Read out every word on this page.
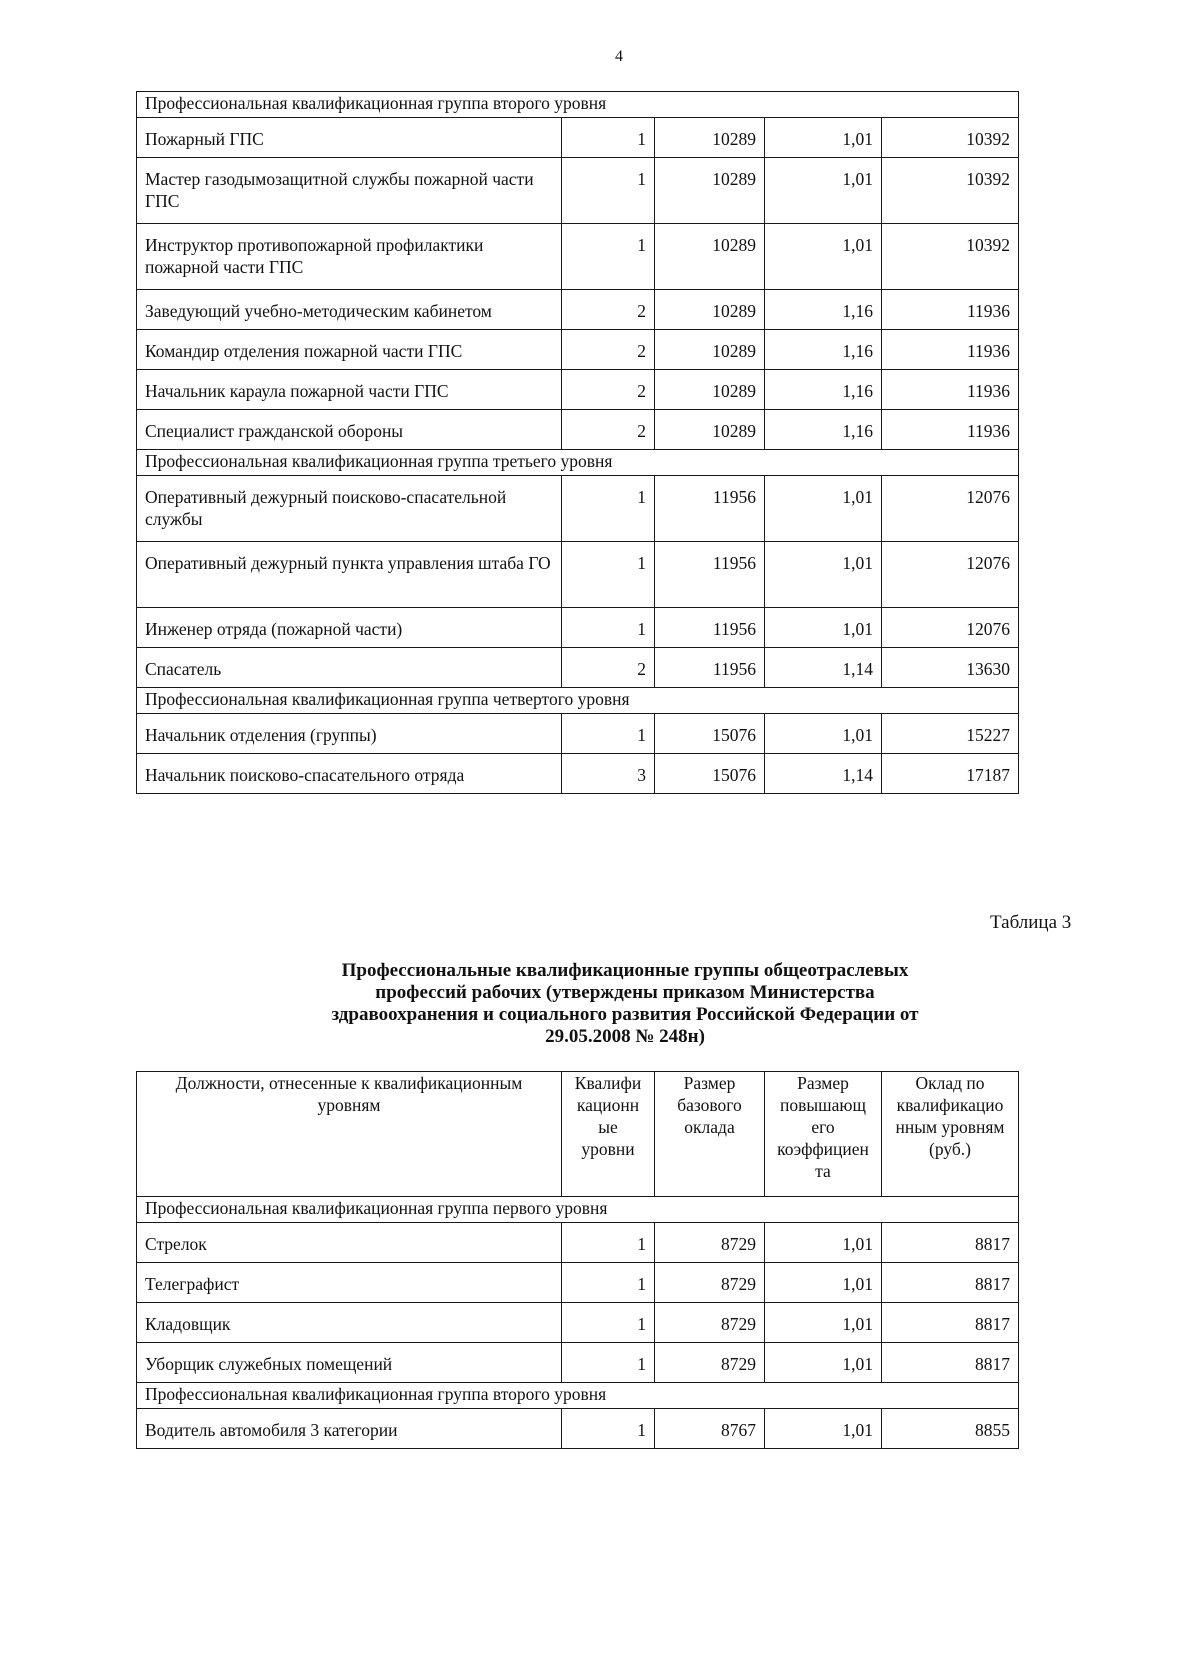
4
Профессиональная квалификационная группа второго уровня				
Пожарный ГПС	1	10289	1,01	10392
Мастер газодымозащитной службы пожарной части ГПС	1	10289	1,01	10392
Инструктор противопожарной профилактики пожарной части ГПС	1	10289	1,01	10392
Заведующий учебно-методическим кабинетом	2	10289	1,16	11936
Командир отделения пожарной части ГПС	2	10289	1,16	11936
Начальник караула пожарной части ГПС	2	10289	1,16	11936
Специалист гражданской обороны	2	10289	1,16	11936
Профессиональная квалификационная группа третьего уровня				
Оперативный дежурный поисково-спасательной службы	1	11956	1,01	12076
Оперативный дежурный пункта управления штаба ГО	1	11956	1,01	12076
Инженер отряда (пожарной части)	1	11956	1,01	12076
Спасатель	2	11956	1,14	13630
Профессиональная квалификационная группа четвертого уровня				
Начальник отделения (группы)	1	15076	1,01	15227
Начальник поисково-спасательного отряда	3	15076	1,14	17187
Таблица 3
Профессиональные квалификационные группы общеотраслевых профессий рабочих (утверждены приказом Министерства здравоохранения и социального развития Российской Федерации от 29.05.2008 № 248н)
Должности, отнесенные к квалификационным уровням	Квалифи кационн ые уровни	Размер базового оклада	Размер повышающ его коэффициен та	Оклад по квалификацио нным уровням (руб.)
Профессиональная квалификационная группа первого уровня				
Стрелок	1	8729	1,01	8817
Телеграфист	1	8729	1,01	8817
Кладовщик	1	8729	1,01	8817
Уборщик служебных помещений	1	8729	1,01	8817
Профессиональная квалификационная группа второго уровня				
Водитель автомобиля 3 категории	1	8767	1,01	8855
